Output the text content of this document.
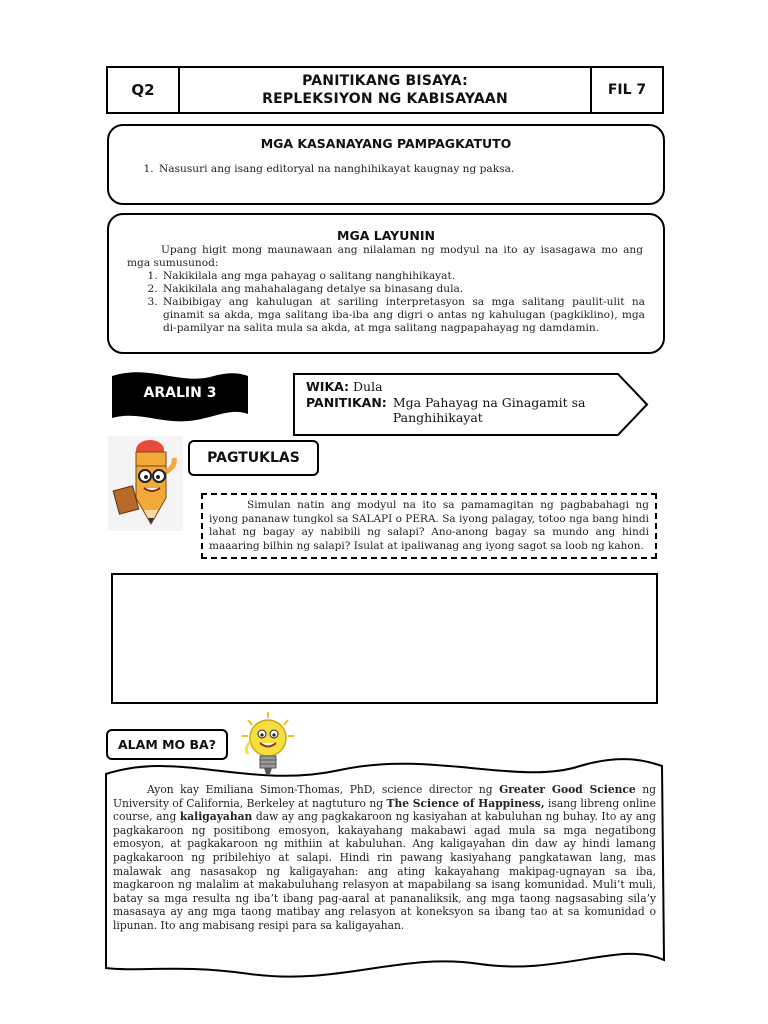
Q2	PANITIKANG BISAYA:
REPLEKSIYON NG KABISAYAAN
FIL 7
MGA KASANAYANG PAMPAGKATUTO
1. Nasusuri ang isang editoryal na nanghihikayat kaugnay ng paksa.
MGA LAYUNIN
Upang higit mong maunawaan ang nilalaman ng modyul na ito ay isasagawa mo ang mga sumusunod:
1. Nakikilala ang mga pahayag o salitang nanghihikayat.
2. Nakikilala ang mahahalagang detalye sa binasang dula.
3. Naibibigay ang kahulugan at sariling interpretasyon sa mga salitang paulit-ulit na ginamit sa akda, mga salitang iba-iba ang digri o antas ng kahulugan (pagkiklino), mga di-pamilyar na salita mula sa akda, at mga salitang nagpapahayag ng damdamin.
ARALIN 3	WIKA: Dula
PANITIKAN: Mga Pahayag na Ginagamit sa
Panghihikayat
PAGTUKLAS
Simulan natin ang modyul na ito sa pamamagitan ng pagbabahagi ng iyong pananaw tungkol sa SALAPI o PERA. Sa iyong palagay, totoo nga bang hindi lahat ng bagay ay nabibili ng salapi? Ano-anong bagay sa mundo ang hindi maaaring bilhin ng salapi? Isulat at ipaliwanag ang iyong sagot sa loob ng kahon.
ALAM MO BA?
Ayon kay Emiliana Simon-Thomas, PhD, science director ng Greater Good Science ng University of California, Berkeley at nagtuturo ng The Science of Happiness, isang libreng online course, ang kaligayahan daw ay ang pagkakaroon ng kasiyahan at kabuluhan ng buhay. Ito ay ang pagkakaroon ng positibong emosyon, kakayahang makabawi agad mula sa mga negatibong emosyon, at pagkakaroon ng mithiin at kabuluhan. Ang kaligayahan din daw ay hindi lamang pagkakaroon ng pribilehiyo at salapi. Hindi rin pawang kasiyahang pangkatawan lang, mas malawak ang nasasakop ng kaligayahan: ang ating kakayahang makipag-ugnayan sa iba, magkaroon ng malalim at makabuluhang relasyon at mapabilang sa isang komunidad. Muli’t muli, batay sa mga resulta ng iba’t ibang pag-aaral at pananaliksik, ang mga taong nagsasabing sila’y masasaya ay ang mga taong matibay ang relasyon at koneksyon sa ibang tao at sa komunidad o lipunan. Ito ang mabisang resipi para sa kaligayahan.
